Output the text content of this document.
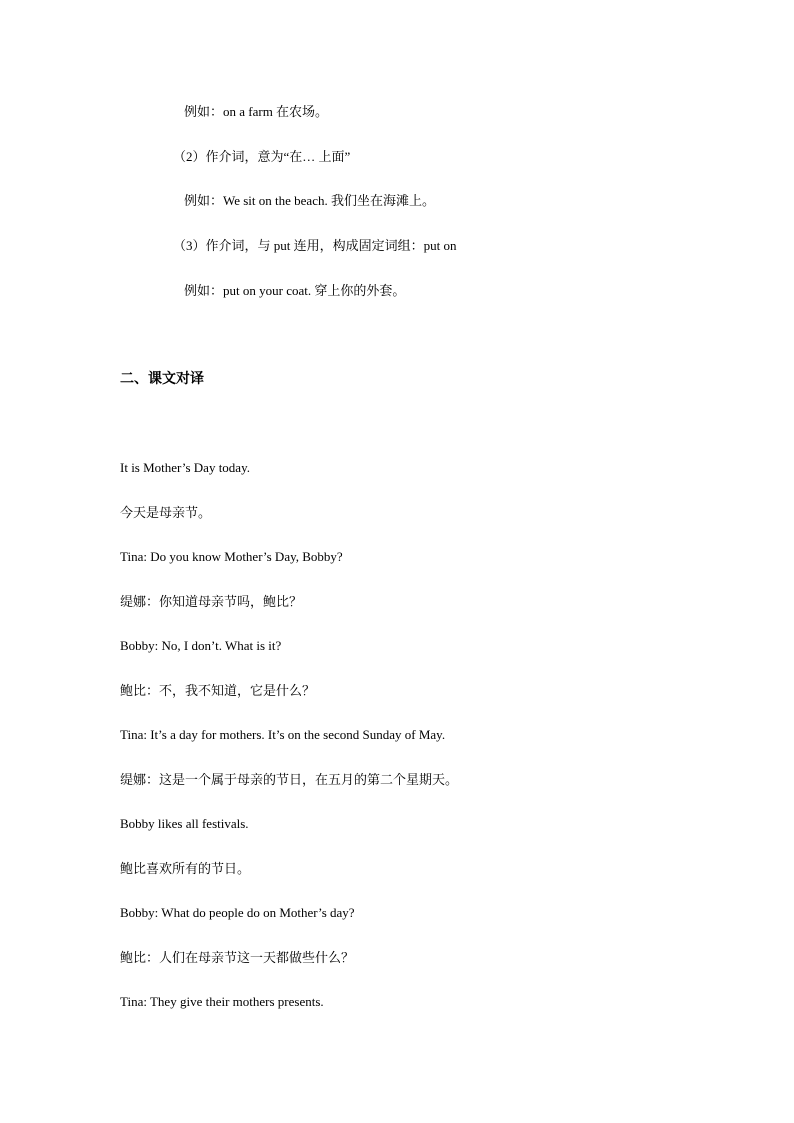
例如：on a farm 在农场。
（2）作介词，意为“在… 上面”
例如：We sit on the beach. 我们坐在海滩上。
（3）作介词，与 put 连用，构成固定词组：put on
例如：put on your coat. 穿上你的外套。
二、课文对译
It is Mother’s Day today.
今天是母亲节。
Tina: Do you know Mother’s Day, Bobby?
缇娜：你知道母亲节吗，鲍比？
Bobby: No, I don’t. What is it?
鲍比：不，我不知道，它是什么？
Tina: It’s a day for mothers. It’s on the second Sunday of May.
缇娜：这是一个属于母亲的节日，在五月的第二个星期天。
Bobby likes all festivals.
鲍比喜欢所有的节日。
Bobby: What do people do on Mother’s day?
鲍比：人们在母亲节这一天都做些什么？
Tina: They give their mothers presents.
